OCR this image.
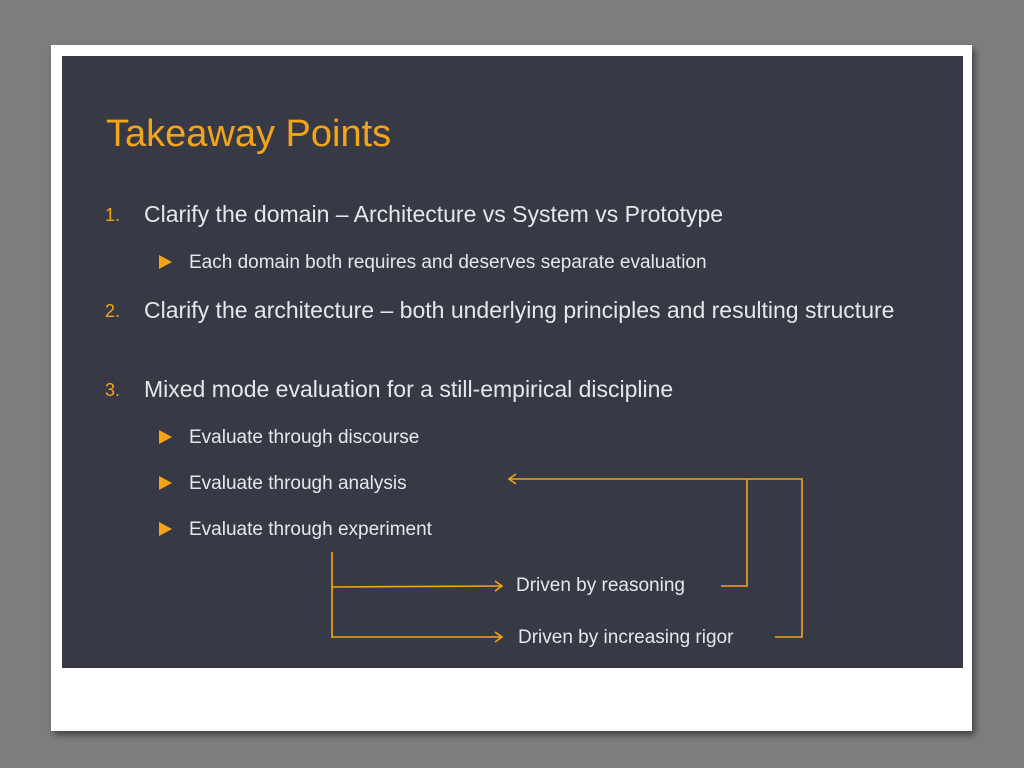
Takeaway Points
1. Clarify the domain – Architecture vs System vs Prototype
Each domain both requires and deserves separate evaluation
2. Clarify the architecture – both underlying principles and resulting structure
3. Mixed mode evaluation for a still-empirical discipline
Evaluate through discourse
Evaluate through analysis
Evaluate through experiment
Driven by reasoning
Driven by increasing rigor
